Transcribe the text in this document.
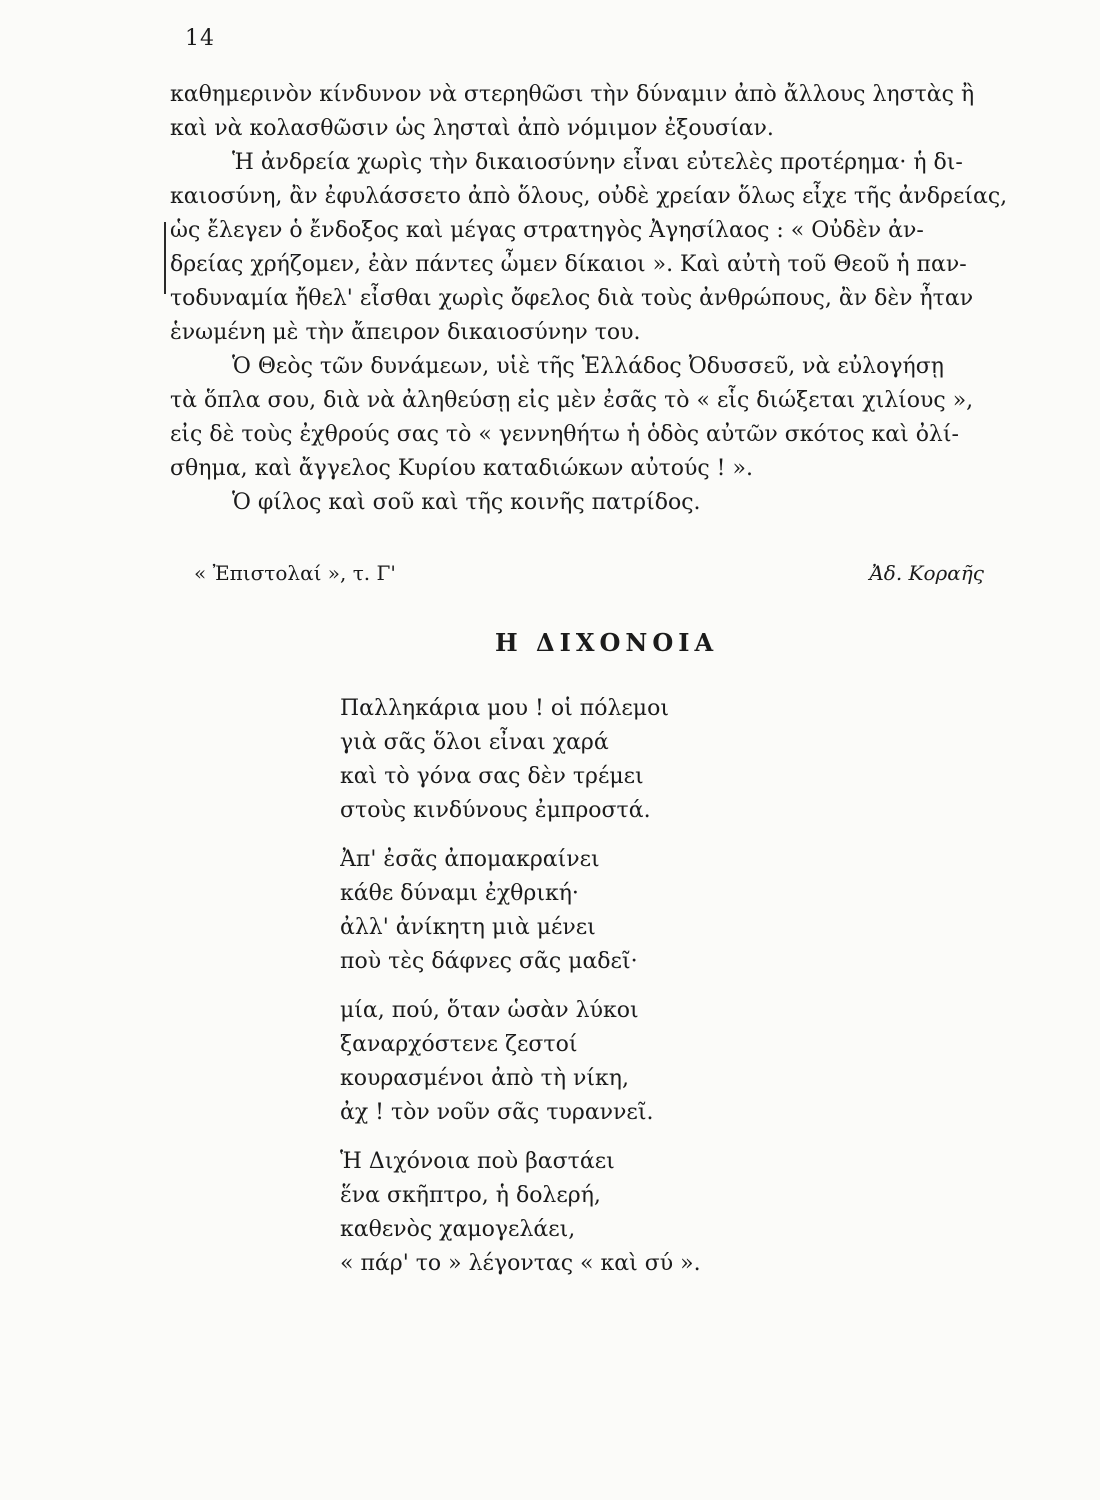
14
καθημερινὸν κίνδυνον νὰ στερηθῶσι τὴν δύναμιν ἀπὸ ἄλλους ληστὰς ἢ
καὶ νὰ κολασθῶσιν ὡς λησταὶ ἀπὸ νόμιμον ἐξουσίαν.
Ἡ ἀνδρεία χωρὶς τὴν δικαιοσύνην εἶναι εὐτελὲς προτέρημα· ἡ δι-
καιοσύνη, ἂν ἐφυλάσσετο ἀπὸ ὅλους, οὐδὲ χρείαν ὅλως εἶχε τῆς ἀνδρείας,
ὡς ἔλεγεν ὁ ἔνδοξος καὶ μέγας στρατηγὸς Ἀγησίλαος : « Οὐδὲν ἀν-
δρείας χρήζομεν, ἐὰν πάντες ὦμεν δίκαιοι ». Καὶ αὐτὴ τοῦ Θεοῦ ἡ παν-
τοδυναμία ἤθελ' εἶσθαι χωρὶς ὄφελος διὰ τοὺς ἀνθρώπους, ἂν δὲν ἦταν
ἑνωμένη μὲ τὴν ἄπειρον δικαιοσύνην του.
Ὁ Θεὸς τῶν δυνάμεων, υἱὲ τῆς Ἑλλάδος Ὀδυσσεῦ, νὰ εὐλογήσῃ
τὰ ὅπλα σου, διὰ νὰ ἀληθεύσῃ εἰς μὲν ἐσᾶς τὸ « εἷς διώξεται χιλίους »,
εἰς δὲ τοὺς ἐχθρούς σας τὸ « γεννηθήτω ἡ ὁδὸς αὐτῶν σκότος καὶ ὀλί-
σθημα, καὶ ἄγγελος Κυρίου καταδιώκων αὐτούς ! ».
Ὁ φίλος καὶ σοῦ καὶ τῆς κοινῆς πατρίδος.
« Ἐπιστολαί », τ. Γ'	Ἀδ. Κοραῆς
Η ΔΙΧΟΝΟΙΑ
Παλληκάρια μου ! οἱ πόλεμοι
γιὰ σᾶς ὅλοι εἶναι χαρά
καὶ τὸ γόνα σας δὲν τρέμει
στοὺς κινδύνους ἐμπροστά.
Ἀπ' ἐσᾶς ἀπομακραίνει
κάθε δύναμι ἐχθρική·
ἀλλ' ἀνίκητη μιὰ μένει
ποὺ τὲς δάφνες σᾶς μαδεῖ·
μία, πού, ὅταν ὡσὰν λύκοι
ξαναρχόστενε ζεστοί
κουρασμένοι ἀπὸ τὴ νίκη,
ἀχ ! τὸν νοῦν σᾶς τυραννεῖ.
Ἡ Διχόνοια ποὺ βαστάει
ἕνα σκῆπτρο, ἡ δολερή,
καθενὸς χαμογελάει,
« πάρ' το » λέγοντας « καὶ σύ ».
